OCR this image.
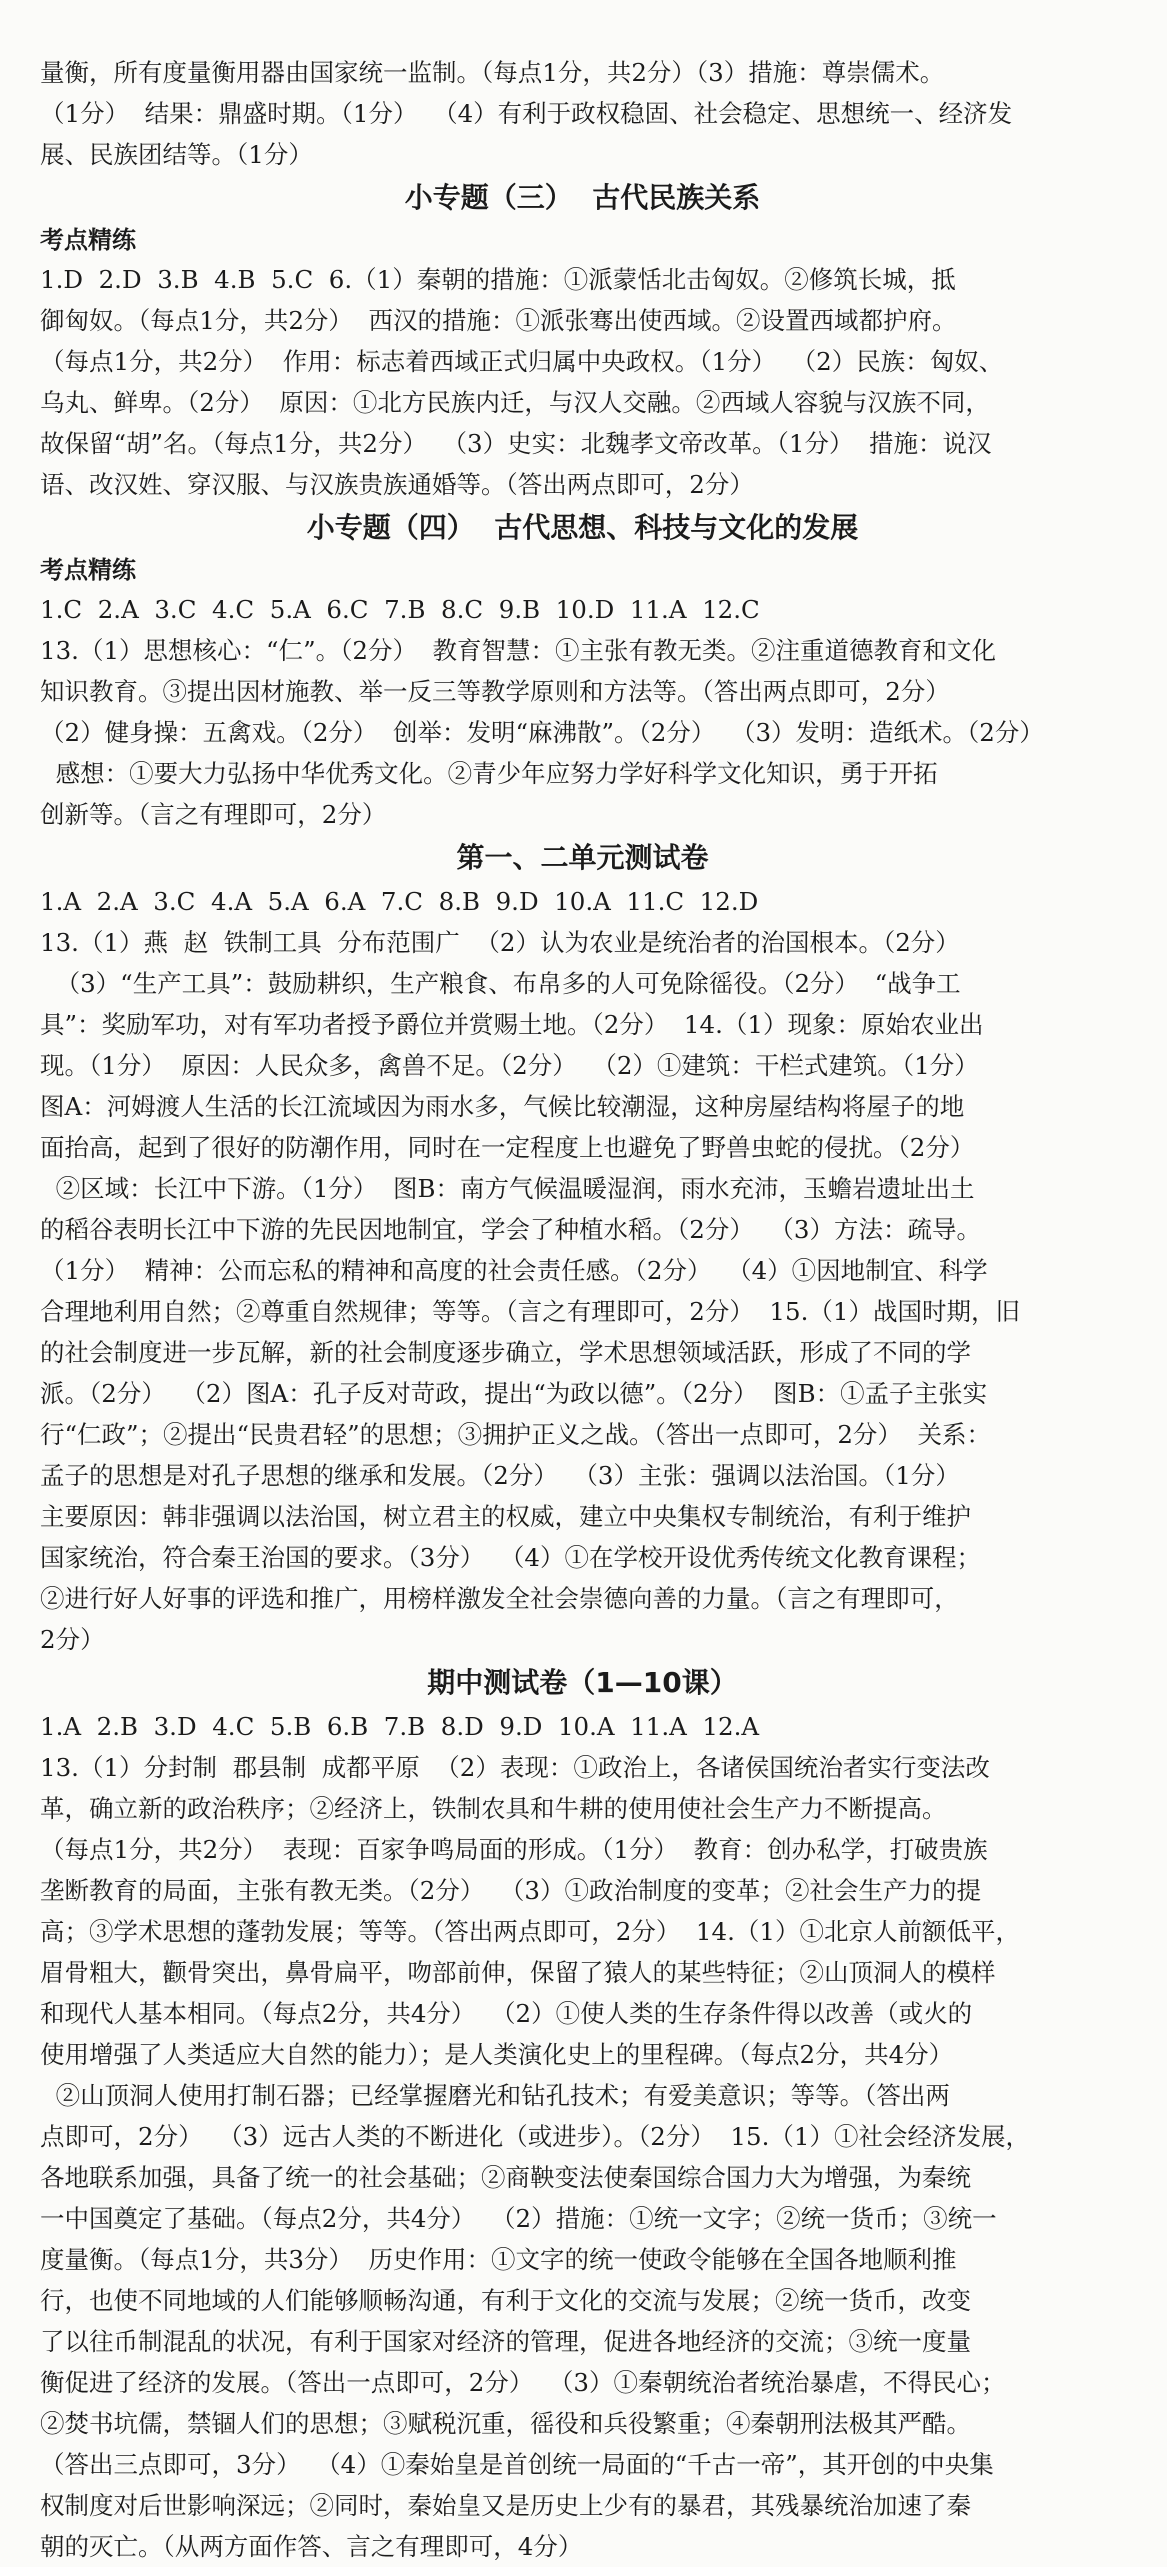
量衡，所有度量衡用器由国家统一监制。（每点1分，共2分）（3）措施：尊崇儒术。
（1分）  结果：鼎盛时期。（1分）  （4）有利于政权稳固、社会稳定、思想统一、经济发
展、民族团结等。（1分）
小专题（三）  古代民族关系
考点精练
1.D  2.D  3.B  4.B  5.C  6.（1）秦朝的措施：①派蒙恬北击匈奴。②修筑长城，抵
御匈奴。（每点1分，共2分）  西汉的措施：①派张骞出使西域。②设置西域都护府。
（每点1分，共2分）  作用：标志着西域正式归属中央政权。（1分）  （2）民族：匈奴、
乌丸、鲜卑。（2分）  原因：①北方民族内迁，与汉人交融。②西域人容貌与汉族不同，
故保留“胡”名。（每点1分，共2分）  （3）史实：北魏孝文帝改革。（1分）  措施：说汉
语、改汉姓、穿汉服、与汉族贵族通婚等。（答出两点即可，2分）
小专题（四）  古代思想、科技与文化的发展
考点精练
1.C  2.A  3.C  4.C  5.A  6.C  7.B  8.C  9.B  10.D  11.A  12.C
13.（1）思想核心：“仁”。（2分）  教育智慧：①主张有教无类。②注重道德教育和文化
知识教育。③提出因材施教、举一反三等教学原则和方法等。（答出两点即可，2分）
（2）健身操：五禽戏。（2分）  创举：发明“麻沸散”。（2分）  （3）发明：造纸术。（2分）
感想：①要大力弘扬中华优秀文化。②青少年应努力学好科学文化知识，勇于开拓
创新等。（言之有理即可，2分）
第一、二单元测试卷
1.A  2.A  3.C  4.A  5.A  6.A  7.C  8.B  9.D  10.A  11.C  12.D
13.（1）燕  赵  铁制工具  分布范围广  （2）认为农业是统治者的治国根本。（2分）
（3）“生产工具”：鼓励耕织，生产粮食、布帛多的人可免除徭役。（2分）  “战争工
具”：奖励军功，对有军功者授予爵位并赏赐土地。（2分）  14.（1）现象：原始农业出
现。（1分）  原因：人民众多，禽兽不足。（2分）  （2）①建筑：干栏式建筑。（1分）
图A：河姆渡人生活的长江流域因为雨水多，气候比较潮湿，这种房屋结构将屋子的地
面抬高，起到了很好的防潮作用，同时在一定程度上也避免了野兽虫蛇的侵扰。（2分）
②区域：长江中下游。（1分）  图B：南方气候温暖湿润，雨水充沛，玉蟾岩遗址出土
的稻谷表明长江中下游的先民因地制宜，学会了种植水稻。（2分）  （3）方法：疏导。
（1分）  精神：公而忘私的精神和高度的社会责任感。（2分）  （4）①因地制宜、科学
合理地利用自然；②尊重自然规律；等等。（言之有理即可，2分）  15.（1）战国时期，旧
的社会制度进一步瓦解，新的社会制度逐步确立，学术思想领域活跃，形成了不同的学
派。（2分）  （2）图A：孔子反对苛政，提出“为政以德”。（2分）  图B：①孟子主张实
行“仁政”；②提出“民贵君轻”的思想；③拥护正义之战。（答出一点即可，2分）  关系：
孟子的思想是对孔子思想的继承和发展。（2分）  （3）主张：强调以法治国。（1分）
主要原因：韩非强调以法治国，树立君主的权威，建立中央集权专制统治，有利于维护
国家统治，符合秦王治国的要求。（3分）  （4）①在学校开设优秀传统文化教育课程；
②进行好人好事的评选和推广，用榜样激发全社会崇德向善的力量。（言之有理即可，
2分）
期中测试卷（1—10课）
1.A  2.B  3.D  4.C  5.B  6.B  7.B  8.D  9.D  10.A  11.A  12.A
13.（1）分封制  郡县制  成都平原  （2）表现：①政治上，各诸侯国统治者实行变法改
革，确立新的政治秩序；②经济上，铁制农具和牛耕的使用使社会生产力不断提高。
（每点1分，共2分）  表现：百家争鸣局面的形成。（1分）  教育：创办私学，打破贵族
垄断教育的局面，主张有教无类。（2分）  （3）①政治制度的变革；②社会生产力的提
高；③学术思想的蓬勃发展；等等。（答出两点即可，2分）  14.（1）①北京人前额低平，
眉骨粗大，颧骨突出，鼻骨扁平，吻部前伸，保留了猿人的某些特征；②山顶洞人的模样
和现代人基本相同。（每点2分，共4分）  （2）①使人类的生存条件得以改善（或火的
使用增强了人类适应大自然的能力）；是人类演化史上的里程碑。（每点2分，共4分）
②山顶洞人使用打制石器；已经掌握磨光和钻孔技术；有爱美意识；等等。（答出两
点即可，2分）  （3）远古人类的不断进化（或进步）。（2分）  15.（1）①社会经济发展，
各地联系加强，具备了统一的社会基础；②商鞅变法使秦国综合国力大为增强，为秦统
一中国奠定了基础。（每点2分，共4分）  （2）措施：①统一文字；②统一货币；③统一
度量衡。（每点1分，共3分）  历史作用：①文字的统一使政令能够在全国各地顺利推
行，也使不同地域的人们能够顺畅沟通，有利于文化的交流与发展；②统一货币，改变
了以往币制混乱的状况，有利于国家对经济的管理，促进各地经济的交流；③统一度量
衡促进了经济的发展。（答出一点即可，2分）  （3）①秦朝统治者统治暴虐，不得民心；
②焚书坑儒，禁锢人们的思想；③赋税沉重，徭役和兵役繁重；④秦朝刑法极其严酷。
（答出三点即可，3分）  （4）①秦始皇是首创统一局面的“千古一帝”，其开创的中央集
权制度对后世影响深远；②同时，秦始皇又是历史上少有的暴君，其残暴统治加速了秦
朝的灭亡。（从两方面作答、言之有理即可，4分）
